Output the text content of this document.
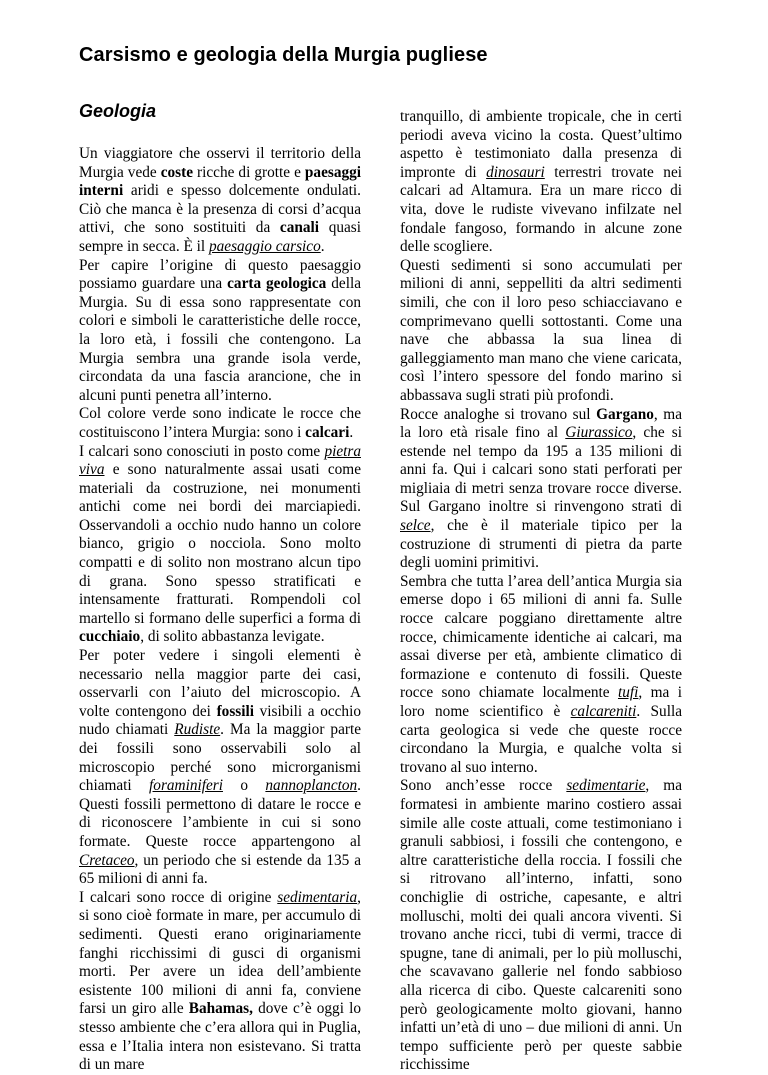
Carsismo e geologia della Murgia pugliese
Geologia

Un viaggiatore che osservi il territorio della Murgia vede coste ricche di grotte e paesaggi interni aridi e spesso dolcemente ondulati. Ciò che manca è la presenza di corsi d’acqua attivi, che sono sostituiti da canali quasi sempre in secca. È il paesaggio carsico.

Per capire l’origine di questo paesaggio possiamo guardare una carta geologica della Murgia. Su di essa sono rappresentate con colori e simboli le caratteristiche delle rocce, la loro età, i fossili che contengono. La Murgia sembra una grande isola verde, circondata da una fascia arancione, che in alcuni punti penetra all’interno.

Col colore verde sono indicate le rocce che costituiscono l’intera Murgia: sono i calcari.

I calcari sono conosciuti in posto come pietra viva e sono naturalmente assai usati come materiali da costruzione, nei monumenti antichi come nei bordi dei marciapiedi. Osservandoli a occhio nudo hanno un colore bianco, grigio o nocciola. Sono molto compatti e di solito non mostrano alcun tipo di grana. Sono spesso stratificati e intensamente fratturati. Rompendoli col martello si formano delle superfici a forma di cucchiaio, di solito abbastanza levigate.

Per poter vedere i singoli elementi è necessario nella maggior parte dei casi, osservarli con l’aiuto del microscopio. A volte contengono dei fossili visibili a occhio nudo chiamati Rudiste. Ma la maggior parte dei fossili sono osservabili solo al microscopio perché sono microrganismi chiamati foraminiferi o nannoplancton. Questi fossili permettono di datare le rocce e di riconoscere l’ambiente in cui si sono formate. Queste rocce appartengono al Cretaceo, un periodo che si estende da 135 a 65 milioni di anni fa.

I calcari sono rocce di origine sedimentaria, si sono cioè formate in mare, per accumulo di sedimenti. Questi erano originariamente fanghi ricchissimi di gusci di organismi morti. Per avere un idea dell’ambiente esistente 100 milioni di anni fa, conviene farsi un giro alle Bahamas, dove c’è oggi lo stesso ambiente che c’era allora qui in Puglia, essa e l’Italia intera non esistevano. Si tratta di un mare

tranquillo, di ambiente tropicale, che in certi periodi aveva vicino la costa. Quest’ultimo aspetto è testimoniato dalla presenza di impronte di dinosauri terrestri trovate nei calcari ad Altamura. Era un mare ricco di vita, dove le rudiste vivevano infilzate nel fondale fangoso, formando in alcune zone delle scogliere.

Questi sedimenti si sono accumulati per milioni di anni, seppelliti da altri sedimenti simili, che con il loro peso schiacciavano e comprimevano quelli sottostanti. Come una nave che abbassa la sua linea di galleggiamento man mano che viene caricata, così l’intero spessore del fondo marino si abbassava sugli strati più profondi.

Rocce analoghe si trovano sul Gargano, ma la loro età risale fino al Giurassico, che si estende nel tempo da 195 a 135 milioni di anni fa. Qui i calcari sono stati perforati per migliaia di metri senza trovare rocce diverse. Sul Gargano inoltre si rinvengono strati di selce, che è il materiale tipico per la costruzione di strumenti di pietra da parte degli uomini primitivi.

Sembra che tutta l’area dell’antica Murgia sia emerse dopo i 65 milioni di anni fa. Sulle rocce calcare poggiano direttamente altre rocce, chimicamente identiche ai calcari, ma assai diverse per età, ambiente climatico di formazione e contenuto di fossili. Queste rocce sono chiamate localmente tufi, ma i loro nome scientifico è calcareniti. Sulla carta geologica si vede che queste rocce circondano la Murgia, e qualche volta si trovano al suo interno.

Sono anch’esse rocce sedimentarie, ma formatesi in ambiente marino costiero assai simile alle coste attuali, come testimoniano i granuli sabbiosi, i fossili che contengono, e altre caratteristiche della roccia. I fossili che si ritrovano all’interno, infatti, sono conchiglie di ostriche, capesante, e altri molluschi, molti dei quali ancora viventi. Si trovano anche ricci, tubi di vermi, tracce di spugne, tane di animali, per lo più molluschi, che scavavano gallerie nel fondo sabbioso alla ricerca di cibo. Queste calcareniti sono però geologicamente molto giovani, hanno infatti un’età di uno – due milioni di anni. Un tempo sufficiente però per queste sabbie ricchissime
